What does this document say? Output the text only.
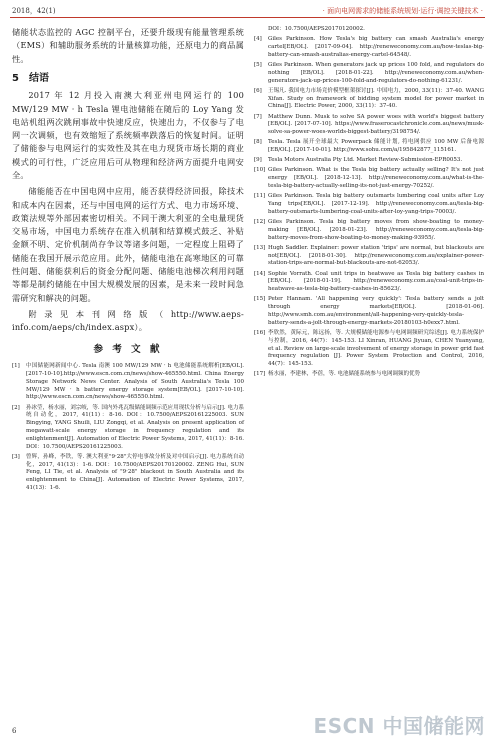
2018，42(1)	· 面向电网需求的储能系统规划·运行·调控关键技术 ·

储能状态监控的 AGC 控制平台，还要升级现有能量管理系统（EMS）和辅助服务系统的计量核算功能，还原电力的商品属性。

5　结语

2017 年 12 月投入南澳大利亚州电网运行的 100 MW/129 MW · h Tesla 锂电池储能在随后的 Loy Yang 发电站机组两次跳闸事故中快速反应，快速出力，不仅参与了电网一次调频，也有效缩短了系统频率跌落后的恢复时间。证明了储能参与电网运行的实效性及其在电力现货市场长期的商业模式的可行性，广泛应用后可从物理和经济两方面提升电网安全。

储能能否在中国电网中应用，能否获得经济回报，除技术和成本内在因素，还与中国电网的运行方式、电力市场环境、政策法规等外部因素密切相关。不同于澳大利亚的全电量现货交易市场，中国电力系统存在准入机制和结算模式鼓乏、补贴金额不明、定价机制尚存争议等诸多问题，一定程度上阻碍了储能在我国开展示范应用。此外，储能电池在高寒地区的可靠性问题、储能获利后的资金分配问题、储能电池梯次利用问题等都是制约储能在中国大规模发展的因素，是未来一段时间急需研究和解决的问题。

附录见本刊网络版（http://www.aeps-info.com/aeps/ch/index.aspx）。

参 考 文 献
[1]	中国储能网新闻中心. Tesla 南澳 100 MW/129 MW · h 电池储能系统解析[EB/OL].[2017-10-10].http://www.escn.com.cn/news/show-465550.html. China Energy Storage Network News Center. Analysis of South Australia's Tesla 100 MW/129 MW · h battery energy storage system[EB/OL]. [2017-10-10]. http://www.escn.com.cn/news/show-465550.html.
[2]	孙冰莹，杨水丽，刘宗岐，等. 国内外兆瓦级储能调频示范应用现状分析与启示[J]. 电力系统自动化，2017, 41(11)：8-16. DOI：10.7500/AEPS20161225003. SUN Bingying, YANG Shuili, LIU Zongqi, et al. Analysis on present application of megawatt-scale energy storage in frequency regulation and its enlightenment[J]. Automation of Electric Power Systems, 2017, 41(11)：8-16. DOI：10.7500/AEPS20161225003.
[3]	曾辉，孙峰，李铁，等. 澳大利亚"9·28"大停电事故分析及对中国启示[J]. 电力系统自动化，2017, 41(13)：1-6. DOI：10.7500/AEPS20170120002. ZENG Hui, SUN Feng, LI Tie, et al. Analysis of "9·28" blackout in South Australia and its enlightenment to China[J]. Automation of Electric Power Systems, 2017, 41(13)：1-6.
DOI：10.7500/AEPS20170120002.
[4]	Giles Parkinson. How Tesla's big battery can smash Australia's energy cartel[EB/OL]. [2017-09-04]. http://reneweconomy.com.au/how-teslas-big-battery-can-smash-australias-energy-cartel-64548/.
[5]	Giles Parkinson. When generators jack up prices 100 fold, and regulators do nothing [EB/OL]. [2018-01-22]. http://reneweconomy.com.au/when-generators-jack-up-prices-100-fold-and-regulators-do-nothing-61231/.
[6]	王锡凡. 我国电力市场竞价模型框架探讨[J]. 中国电力，2000, 33(11)：37-40. WANG Xifan. Study on framework of bidding system model for power market in China[J]. Electric Power, 2000, 33(11)：37-40.
[7]	Matthew Dunn. Musk to solve SA power woes with world's biggest battery [EB/OL]. [2017-07-10]. https://www.fraserocastchronicle.com.au/news/musk-solve-sa-power-woes-worlds-biggest-battery/3198754/.
[8]	Tesla. Tesla 展开全球最大 Powerpack 储能计划, 将电网供应 100 MW 后备电源[EB/OL]. [2017-10-01]. http://www.sohu.com/a/195842877_115161.
[9]	Tesla Motors Australia Pty Ltd. Market Review-Submission-EPR0053.
[10] Giles Parkinson. What is the Tesla big battery actually selling? It's not just energy [EB/OL]. [2018-12-13]. http://reneweconomy.com.au/what-is-the-tesla-big-battery-actually-selling-its-not-just-energy-70252/.
[11] Giles Parkinson. Tesla big battery outsmarts lumbering coal units after Loy Yang trips[EB/OL]. [2017-12-19]. http://reneweconomy.com.au/tesla-big-battery-outsmarts-lumbering-coal-units-after-loy-yang-trips-70003/.
[12] Giles Parkinson. Tesla big battery moves from show-boating to money-making [EB/OL]. [2018-01-23]. http://reneweconomy.com.au/tesla-big-battery-moves-from-show-boating-to-money-making-93955/.
[13] Hugh Saddler. Explainer: power station 'trips' are normal, but blackouts are not[EB/OL]. [2018-01-30]. http://reneweconomy.com.au/explainer-power-station-trips-are-normal-but-blackouts-are-not-62053/.
[14] Sophie Vorrath. Coal unit trips in heatwave as Tesla big battery cashes in [EB/OL]. [2018-01-19]. http://reneweconomy.com.au/coal-unit-trips-in-heatwave-as-tesla-big-battery-cashes-in-85623/.
[15] Peter Hannam. 'All happening very quickly': Tesla battery sends a jolt through energy markets[EB/OL]. [2018-01-06]. http://www.smh.com.au/environment/all-happening-very-quickly-tesla-battery-sends-a-jolt-through-energy-markets-20180103-h0exx7.html.
[16] 李欣然，黄际元，陈远扬，等. 大规模储能电源参与电网调频研究综述[J]. 电力系统保护与控制，2016, 44(7)：145-153. LI Xinran, HUANG Jiyuan, CHEN Yuanyang, et al. Review on large-scale involvement of energy storage in power grid fast frequency regulation [J]. Power System Protection and Control, 2016, 44(7)：145-153.
[17] 杨水丽，李建林，李蓓，等. 电池储能系统参与电网调频的优势
6	ESCN 中国储能网
